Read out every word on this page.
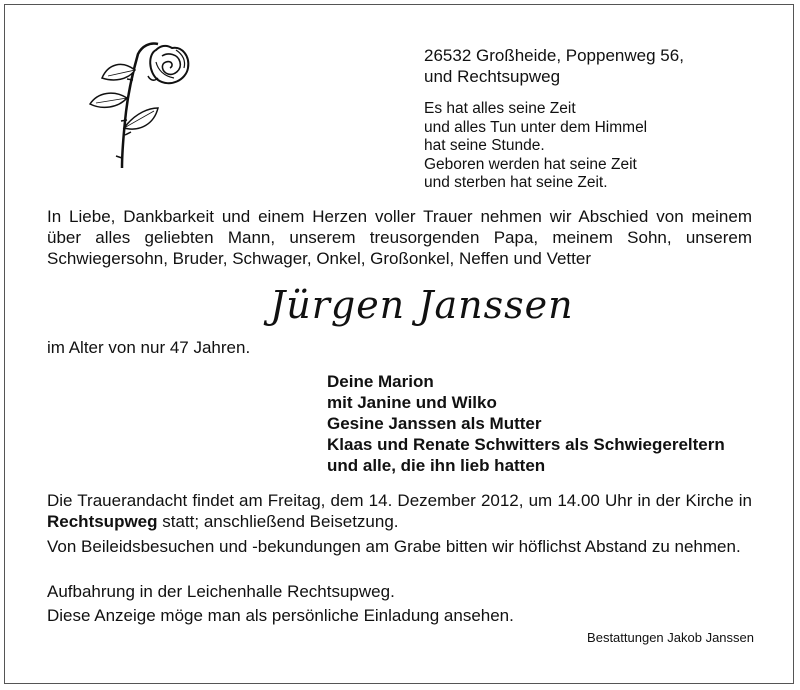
26532 Großheide, Poppenweg 56,
und Rechtsupweg
Es hat alles seine Zeit
und alles Tun unter dem Himmel
hat seine Stunde.
Geboren werden hat seine Zeit
und sterben hat seine Zeit.
In Liebe, Dankbarkeit und einem Herzen voller Trauer nehmen wir Abschied von meinem über alles geliebten Mann, unserem treusorgenden Papa, meinem Sohn, unserem Schwiegersohn, Bruder, Schwager, Onkel, Großonkel, Neffen und Vetter
Jürgen Janssen
im Alter von nur 47 Jahren.
Deine Marion
mit Janine und Wilko
Gesine Janssen als Mutter
Klaas und Renate Schwitters als Schwiegereltern
und alle, die ihn lieb hatten
Die Trauerandacht findet am Freitag, dem 14. Dezember 2012, um 14.00 Uhr in der Kirche in Rechtsupweg statt; anschließend Beisetzung.
Von Beileidsbesuchen und -bekundungen am Grabe bitten wir höflichst Abstand zu nehmen.
Aufbahrung in der Leichenhalle Rechtsupweg.
Diese Anzeige möge man als persönliche Einladung ansehen.
Bestattungen Jakob Janssen
